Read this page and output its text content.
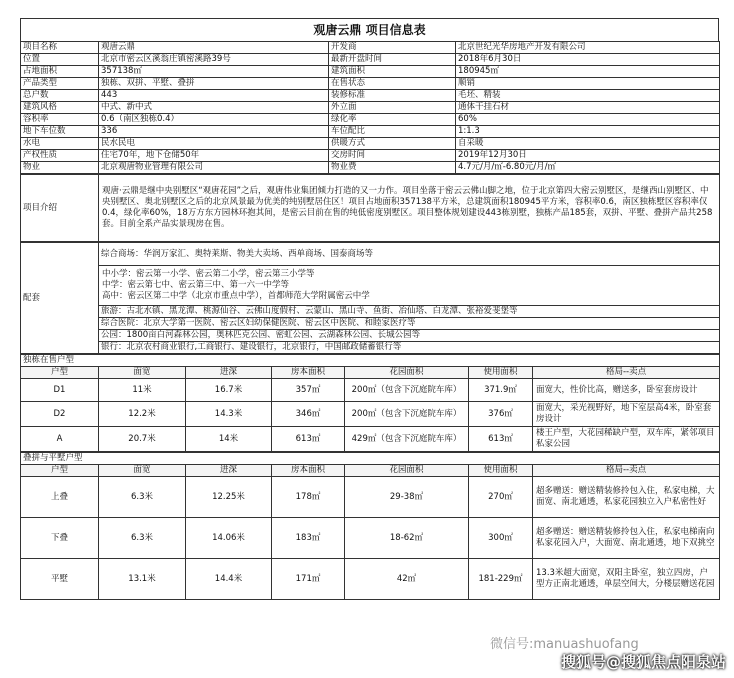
观唐云鼎 项目信息表
项目名称	观唐云鼎	开发商	北京世纪光华房地产开发有限公司
位置	北京市密云区溪翁庄镇密溪路39号	最新开盘时间	2018年6月30日
占地面积	357138㎡	建筑面积	180945㎡
产品类型	独栋、双拼、平墅、叠拼	在售状态	顺销
总户数	443	装修标准	毛坯、精装
建筑风格	中式、新中式	外立面	通体干挂石材
容积率	0.6（南区独栋0.4）	绿化率	60%
地下车位数	336	车位配比	1:1.3
水电	民水民电	供暖方式	自采暖
产权性质	住宅70年，地下仓储50年	交房时间	2019年12月30日
物业	北京观唐物业管理有限公司	物业费	4.7元/月/㎡-6.80元/月/㎡
项目介绍	观唐·云鼎是继中央别墅区“观唐花园”之后，观唐伟业集团倾力打造的又一力作。项目坐落于密云云佛山脚之地，位于北京第四大密云别墅区，是继西山别墅区、中央别墅区、奥北别墅区之后的北京风景最为优美的纯别墅居住区！项目占地面积357138平方米，总建筑面积180945平方米，容积率0.6，南区独栋墅区容积率仅0.4，绿化率60%，18万方东方园林环抱其间，是密云目前在售的纯低密度别墅区。项目整体规划建设443栋别墅，独栋产品185套，双拼、平墅、叠拼产品共258套。目前全系产品实景现房在售。
配套	综合商场：华润万家汇、奥特莱斯、物美大卖场、西单商场、国泰商场等

中小学：密云第一小学、密云第二小学，密云第三小学等
中学：密云第七中、密云第三中、第一六一中学等
高中：密云区第二中学（北京市重点中学），首都师范大学附属密云中学

旅游：古北水镇、黑龙潭、桃源仙谷、云佛山度假村、云蒙山、黑山寺、鱼街、冶仙塔、白龙潭、张裕爱斐堡等
综合医院：北京大学第一医院、密云区妇幼保健医院、密云区中医院、和睦家医疗等
公园：1800亩白河森林公园，奥林匹克公园、密虹公园、云湖森林公园、长城公园等
银行：北京农村商业银行,工商银行、建设银行，北京银行，中国邮政储蓄银行等
独栋在售户型						
户型	面宽	进深	房本面积	花园面积	使用面积	格局--卖点
D1	11米	16.7米	357㎡	200㎡（包含下沉庭院车库）	371.9㎡	面宽大，性价比高，赠送多，卧室套房设计
D2	12.2米	14.3米	346㎡	200㎡（包含下沉庭院车库）	376㎡	面宽大，采光视野好，地下室层高4米，卧室套房设计
A	20.7米	14米	613㎡	429㎡（包含下沉庭院车库）	613㎡	楼王户型，大花园稀缺户型，双车库，紧邻项目私家公园
叠拼与平墅户型						
户型	面宽	进深	房本面积	花园面积	使用面积	格局--卖点
上叠	6.3米	12.25米	178㎡	29-38㎡	270㎡	超多赠送：赠送精装修拎包入住，私家电梯，大面宽、南北通透，私家花园独立入户私密性好
下叠	6.3米	14.06米	183㎡	18-62㎡	300㎡	超多赠送：赠送精装修拎包入住，私家电梯南向私家花园入户，大面宽、南北通透，地下双挑空
平墅	13.1米	14.4米	171㎡	42㎡	181-229㎡	13.3米超大面宽，双阳主卧室，独立四房，户型方正南北通透，单层空间大，分楼层赠送花园
微信号:manuashuofang
搜狐号@搜狐焦点阳泉站
